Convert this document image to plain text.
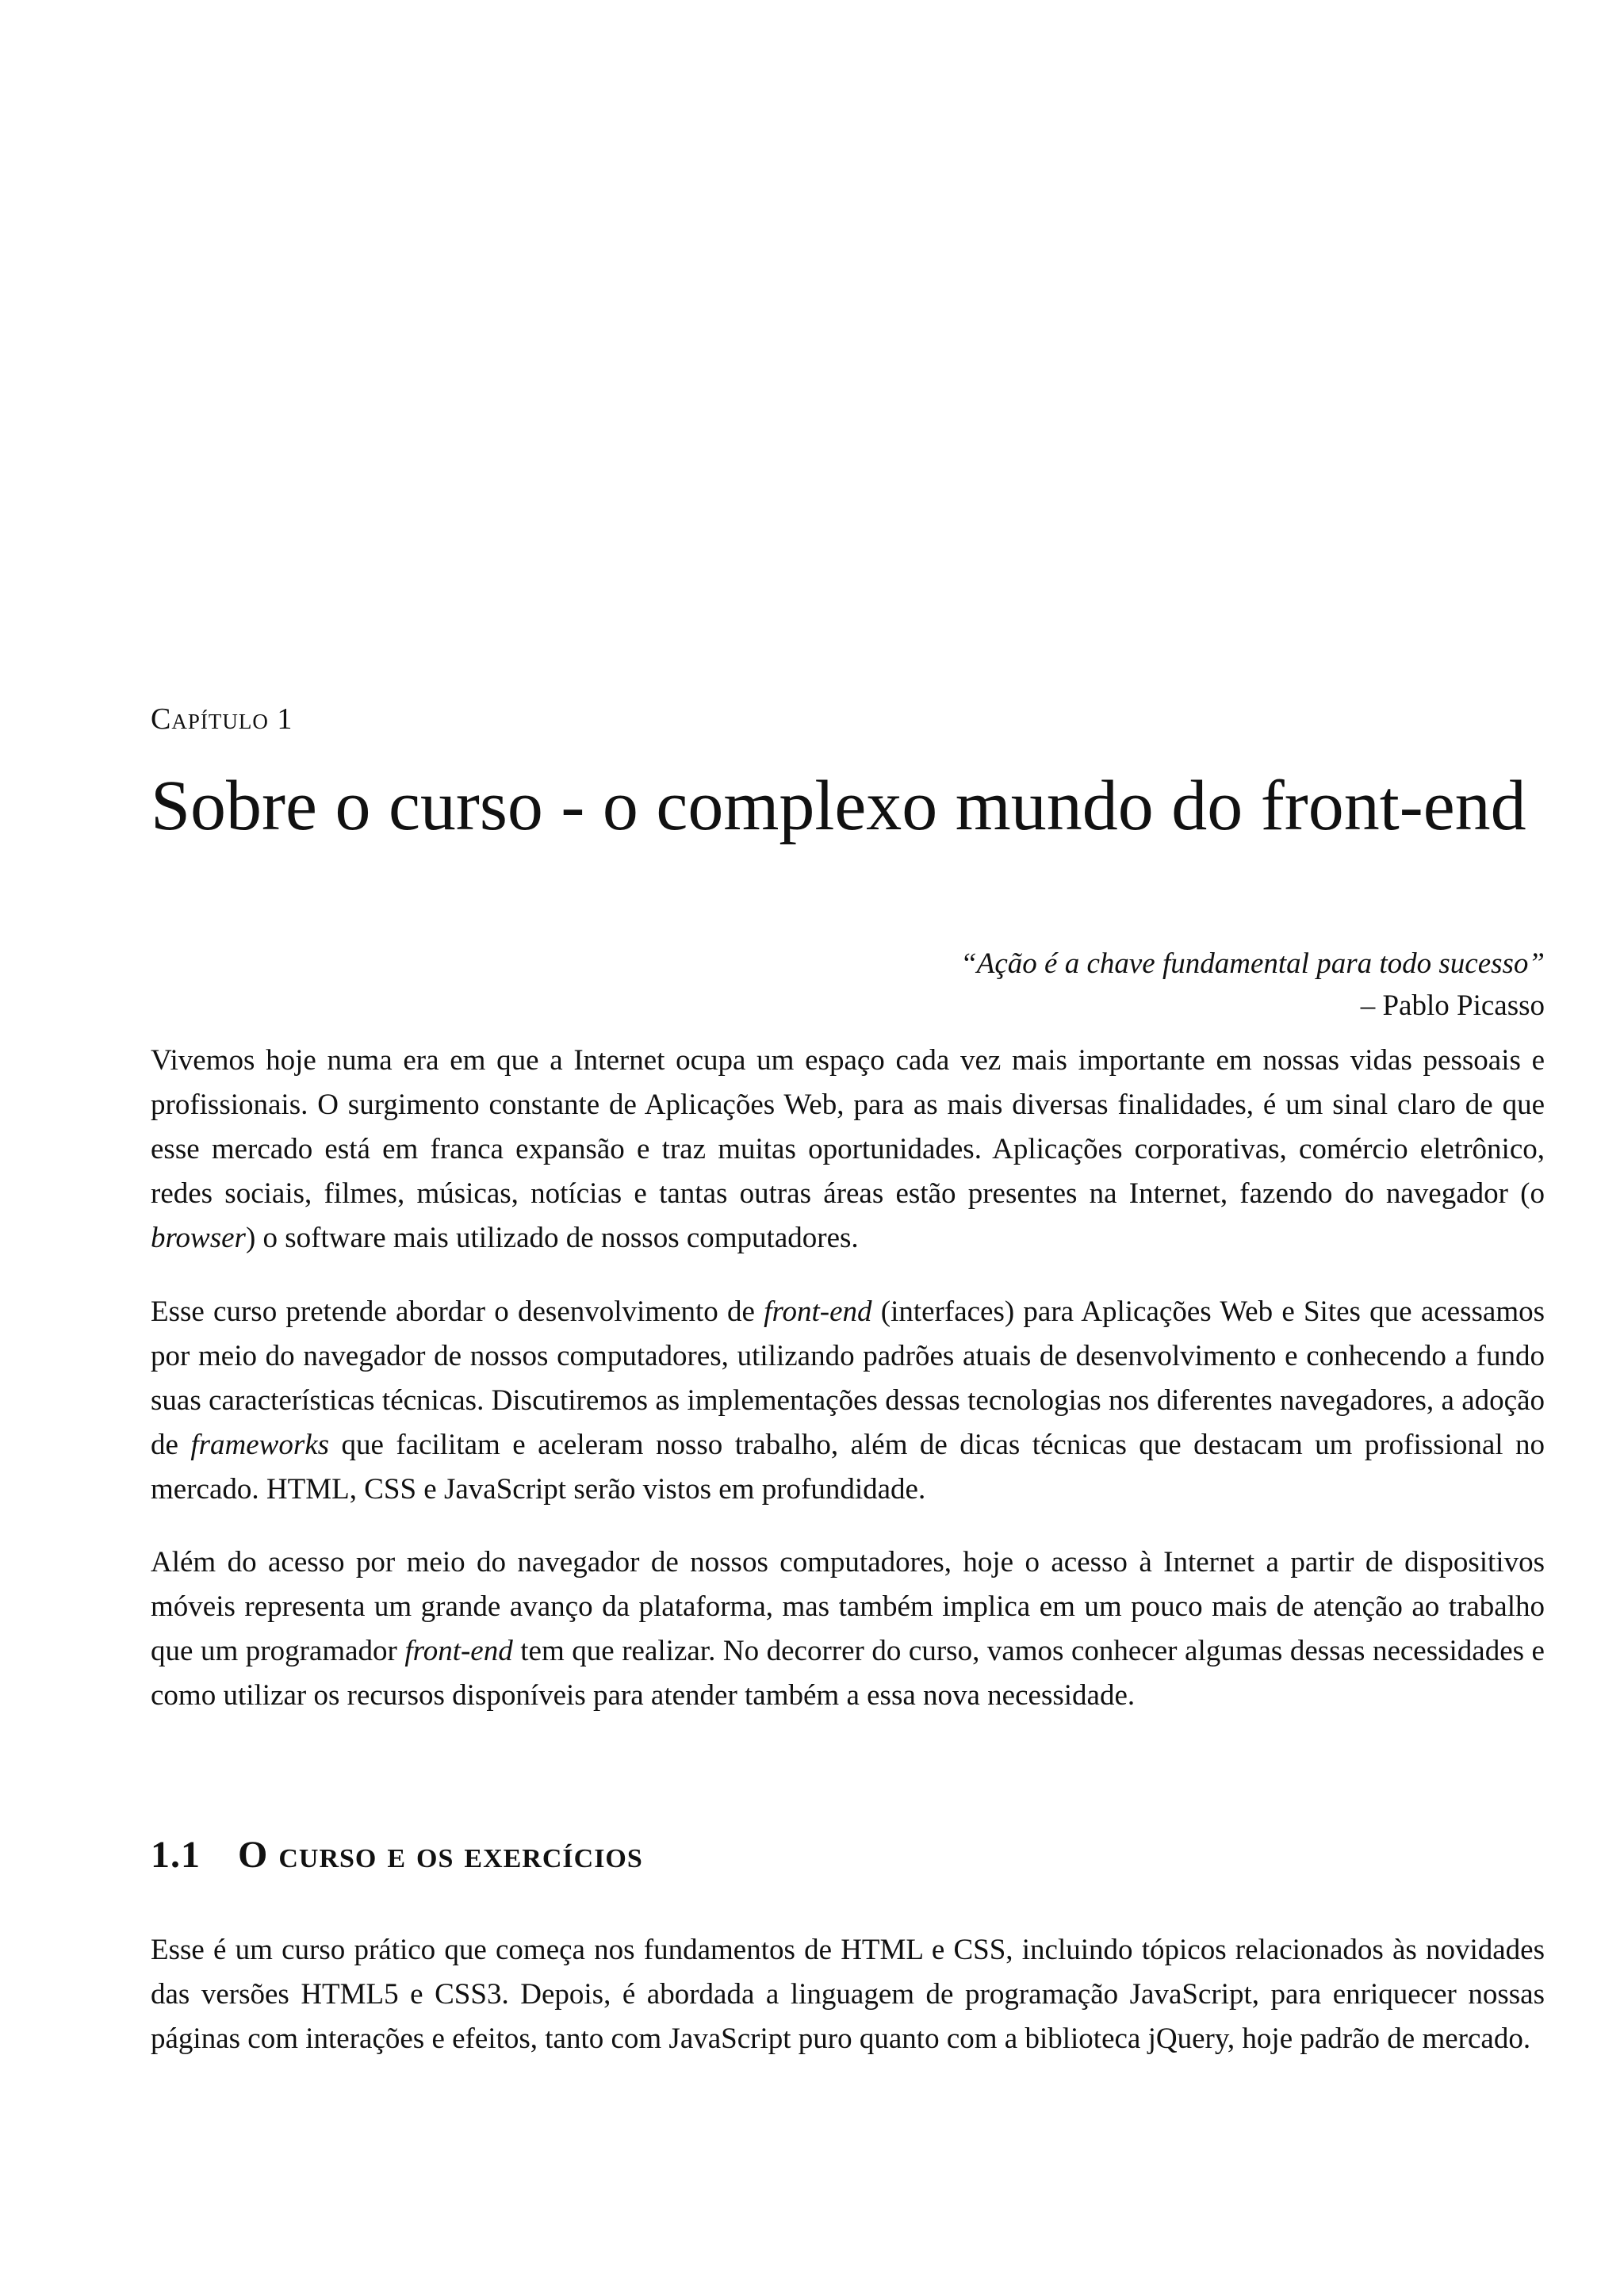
Capítulo 1
Sobre o curso - o complexo mundo do front-end
“Ação é a chave fundamental para todo sucesso”
– Pablo Picasso

Vivemos hoje numa era em que a Internet ocupa um espaço cada vez mais importante em nossas vidas pessoais e profissionais. O surgimento constante de Aplicações Web, para as mais diversas finalidades, é um sinal claro de que esse mercado está em franca expansão e traz muitas oportunidades. Aplicações corporativas, comércio eletrônico, redes sociais, filmes, músicas, notícias e tantas outras áreas estão presentes na Internet, fazendo do navegador (o browser) o software mais utilizado de nossos computadores.

Esse curso pretende abordar o desenvolvimento de front-end (interfaces) para Aplicações Web e Sites que acessamos por meio do navegador de nossos computadores, utilizando padrões atuais de desenvolvimento e conhecendo a fundo suas características técnicas. Discutiremos as implementações dessas tecnologias nos diferentes navegadores, a adoção de frameworks que facilitam e aceleram nosso trabalho, além de dicas técnicas que destacam um profissional no mercado. HTML, CSS e JavaScript serão vistos em profundidade.

Além do acesso por meio do navegador de nossos computadores, hoje o acesso à Internet a partir de dispositivos móveis representa um grande avanço da plataforma, mas também implica em um pouco mais de atenção ao trabalho que um programador front-end tem que realizar. No decorrer do curso, vamos conhecer algumas dessas necessidades e como utilizar os recursos disponíveis para atender também a essa nova necessidade.

1.1 O curso e os exercícios

Esse é um curso prático que começa nos fundamentos de HTML e CSS, incluindo tópicos relacionados às novidades das versões HTML5 e CSS3. Depois, é abordada a linguagem de programação JavaScript, para enriquecer nossas páginas com interações e efeitos, tanto com JavaScript puro quanto com a biblioteca jQuery, hoje padrão de mercado.
